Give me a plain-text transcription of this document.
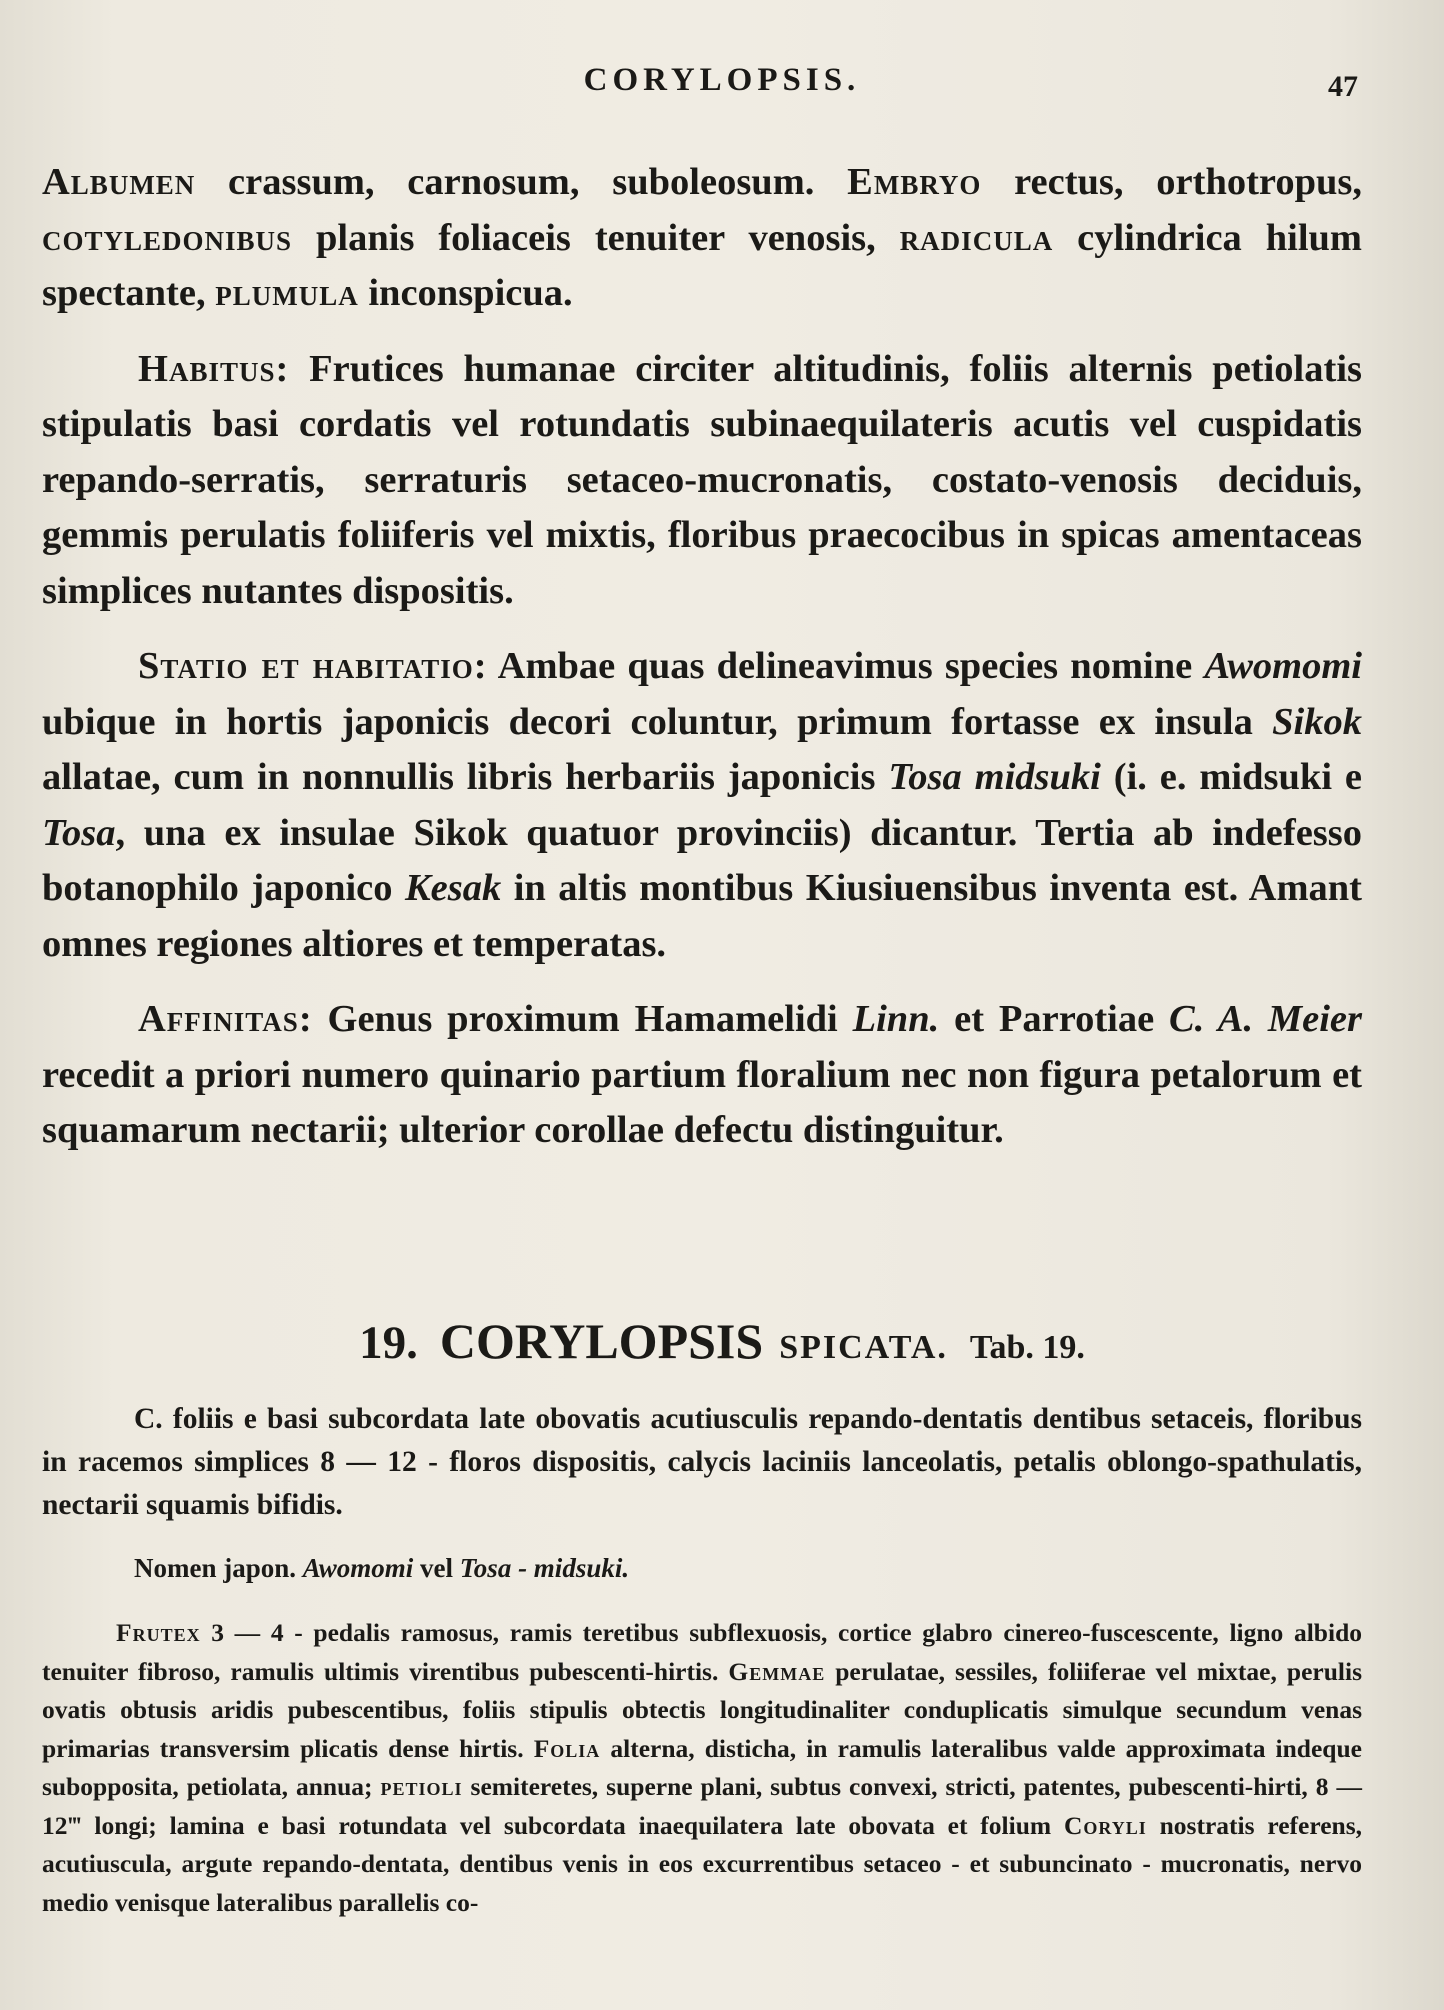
CORYLOPSIS.	47

Albumen crassum, carnosum, suboleosum. Embryo rectus, orthotropus, cotyledonibus planis foliaceis tenuiter venosis, radicula cylindrica hilum spectante, plumula inconspicua.

Habitus: Frutices humanae circiter altitudinis, foliis alternis petiolatis stipulatis basi cordatis vel rotundatis subinaequilateris acutis vel cuspidatis repando-serratis, serraturis setaceo-mucronatis, costato-venosis deciduis, gemmis perulatis foliiferis vel mixtis, floribus praecocibus in spicas amentaceas simplices nutantes dispositis.

Statio et habitatio: Ambae quas delineavimus species nomine Awomomi ubique in hortis japonicis decori coluntur, primum fortasse ex insula Sikok allatae, cum in nonnullis libris herbariis japonicis Tosa midsuki (i. e. midsuki e Tosa, una ex insulae Sikok quatuor provinciis) dicantur. Tertia ab indefesso botanophilo japonico Kesak in altis montibus Kiusiuensibus inventa est. Amant omnes regiones altiores et temperatas.

Affinitas: Genus proximum Hamamelidi Linn. et Parrotiae C. A. Meier recedit a priori numero quinario partium floralium nec non figura petalorum et squamarum nectarii; ulterior corollae defectu distinguitur.

19. CORYLOPSIS SPICATA. Tab. 19.

C. foliis e basi subcordata late obovatis acutiusculis repando-dentatis dentibus setaceis, floribus in racemos simplices 8 — 12 - floros dispositis, calycis laciniis lanceolatis, petalis oblongo-spathulatis, nectarii squamis bifidis.

Nomen japon. Awomomi vel Tosa - midsuki.

Frutex 3 — 4 - pedalis ramosus, ramis teretibus subflexuosis, cortice glabro cinereo-fuscescente, ligno albido tenuiter fibroso, ramulis ultimis virentibus pubescenti-hirtis. Gemmae perulatae, sessiles, foliiferae vel mixtae, perulis ovatis obtusis aridis pubescentibus, foliis stipulis obtectis longitudinaliter conduplicatis simulque secundum venas primarias transversim plicatis dense hirtis. Folia alterna, disticha, in ramulis lateralibus valde approximata indeque subopposita, petiolata, annua; petioli semiteretes, superne plani, subtus convexi, stricti, patentes, pubescenti-hirti, 8 — 12‴ longi; lamina e basi rotundata vel subcordata inaequilatera late obovata et folium Coryli nostratis referens, acutiuscula, argute repando-dentata, dentibus venis in eos excurrentibus setaceo - et subuncinato - mucronatis, nervo medio venisque lateralibus parallelis co-
